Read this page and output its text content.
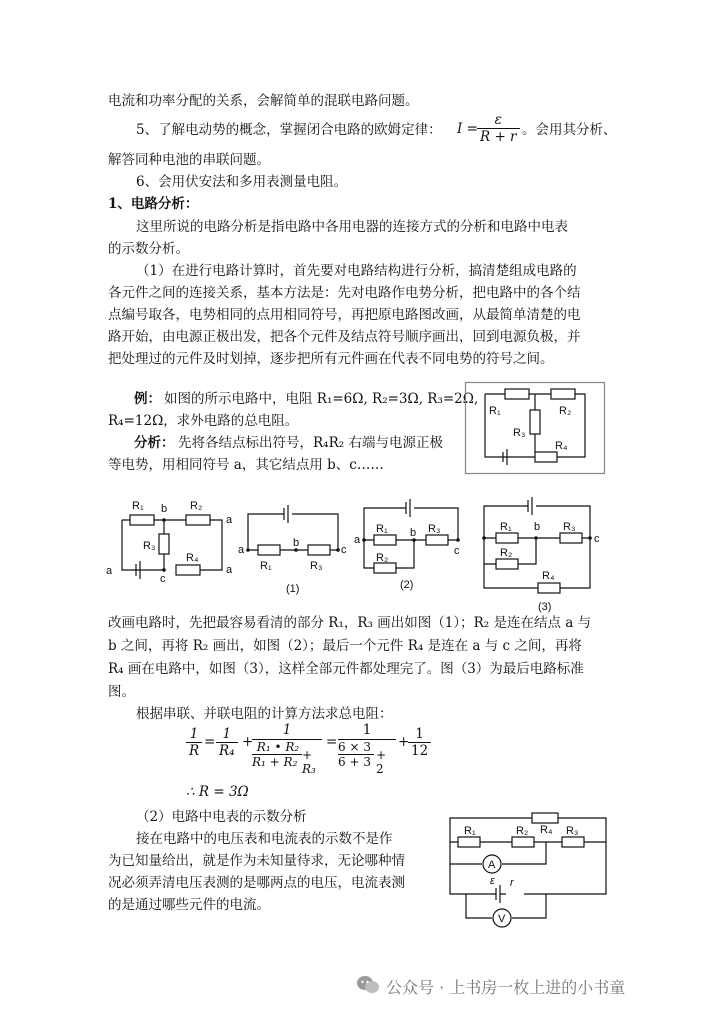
电流和功率分配的关系，会解简单的混联电路问题。
5、了解电动势的概念，掌握闭合电路的欧姆定律： I =
ε
R + r 。会用其分析、
解答同种电池的串联问题。
6、会用伏安法和多用表测量电阻。
1、电路分析：
这里所说的电路分析是指电路中各用电器的连接方式的分析和电路中电表
的示数分析。
（1）在进行电路计算时，首先要对电路结构进行分析，搞清楚组成电路的
各元件之间的连接关系，基本方法是：先对电路作电势分析，把电路中的各个结
点编号取各，电势相同的点用相同符号，再把原电路图改画，从最简单清楚的电
路开始，由电源正极出发，把各个元件及结点符号顺序画出，回到电源负极，并
把处理过的元件及时划掉，逐步把所有元件画在代表不同电势的符号之间。
例： 如图的所示电路中，电阻 R₁=6Ω, R₂=3Ω, R₃=2Ω,
R₄=12Ω，求外电路的总电阻。
分析： 先将各结点标出符号，R₄R₂ 右端与电源正极
等电势，用相同符号 a，其它结点用 b、c……
R₁	R₂
R₃
R₄
R₁	R₂
R₃
R₄
b
a
a
c
a
a
b
c
R₁	R₃
(1)
a
b
c
R₁	R₃
R₂
(2)
R₁	R₃
R₂
R₄
b
c
(3)
改画电路时，先把最容易看清的部分 R₁，R₃ 画出如图（1）；R₂ 是连在结点 a 与
b 之间，再将 R₂ 画出，如图（2）；最后一个元件 R₄ 是连在 a 与 c 之间，再将
R₄ 画在电路中，如图（3），这样全部元件都处理完了。图（3）为最后电路标准
图。
根据串联、并联电阻的计算方法求总电阻：
1
R
= 1
R₄
+
1
R₁ • R₂
R₁ + R₂ + R₃
=
1
6 × 3
6 + 3 + 2
+ 1
12
∴ R = 3Ω
（2）电路中电表的示数分析
接在电路中的电压表和电流表的示数不是作
为已知量给出，就是作为未知量待求，无论哪种情
况必须弄清电压表测的是哪两点的电压，电流表测
的是通过哪些元件的电流。
R₁	R₂ R₄ R₃
A
V
ε r
公众号 · 上书房一枚上进的小书童
